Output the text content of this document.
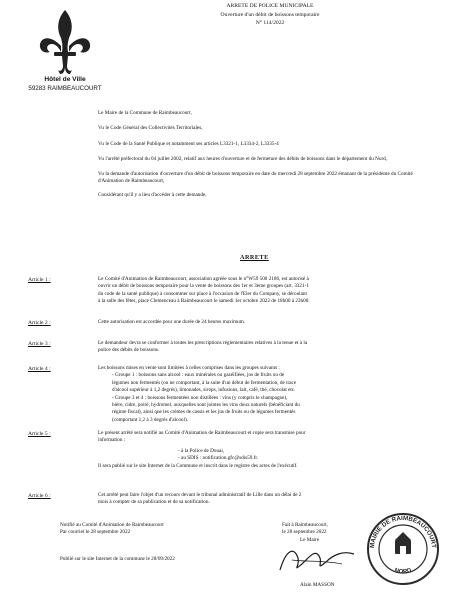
ARRETE DE POLICE MUNICIPALE
Ouverture d'un débit de boissons temporaire
N° 114/2022
Hôtel de Ville
59283 RAIMBEAUCOURT
Le Maire de la Commune de Raimbeaucourt,
Vu le Code Général des Collectivités Territoriales,
Vu le Code de la Santé Publique et notamment ses articles L3321-1, L3334-2, L3335-4
Vu l'arrêté préfectoral du 04 juillet 2002, relatif aux heures d'ouverture et de fermeture des débits de boissons dans le département du Nord,
Vu la demande d'autorisation d'ouverture d'un débit de boissons temporaire en date du mercredi 28 septembre 2022 émanant de la présidente du Comité d'Animation de Raimbeaucourt,
Considérant qu'il y a lieu d'accéder à cette demande,
ARRETE
Article 1 :	Le Comité d'Animation de Raimbeaucourt, association agréée sous le n°W59 500 2186, est autorisé à
ouvrir un débit de boissons temporaire pour la vente de boissons des 1er et 3ème groupes (art. 3321-1
du code de la santé publique) à consommer sur place à l'occasion de l'Eler du Company, se déroulant
à la salle des fêtes, place Clemenceau à Raimbeaucourt le samedi 1er octobre 2022 de 18h00 à 23h00.
Article 2 :	Cette autorisation est accordée pour une durée de 24 heures maximum.
Article 3 :	Le demandeur devra se conformer à toutes les prescriptions réglementaires relatives à la tenue et à la
police des débits de boissons.
Article 4 :	Les boissons mises en vente sont limitées à celles comprises dans les groupes suivants :
- Groupe 1 : boissons sans alcool : eaux minérales ou gazéifiées, jus de fruits ou de
légumes non fermentés (ou ne comportant, à la suite d'un début de fermentation, de trace
d'alcool supérieur à 1,2 degrés), limonades, sirops, infusions, lait, café, thé, chocolat etc.
- Groupe 3 et 4 : boissons fermentées non distillées : vins (y compris le champagne),
bière, cidre, poiré, hydromel, auxquelles sont jointes les vins doux naturels (bénéficiant du
régime fiscal), ainsi que les crèmes de cassis et les jus de fruits ou de légumes fermentés
(comportant 1,2 à 3 degrés d'alcool).
Article 5 :	Le présent arrêté sera notifié au Comité d'Animation de Raimbeaucourt et copie sera transmise pour
information :
- à la Police de Douai,
- au SDIS : notification.gfc@sdis59.fr.
Il sera publié sur le site Internet de la Commune et inscrit dans le registre des actes de l'exécutif.
Article 6 :	Cet arrêté peut faire l'objet d'un recours devant le tribunal administratif de Lille dans un délai de 2
mois à compter de sa publication et de sa notification.
Notifié au Comité d'Animation de Raimbeaucourt
Par courriel le 28 septembre 2022
Publié sur le site Internet de la commune le 28/09/2022
Fait à Raimbeaucourt,
le 28 septembre 2022
Le Maire
Alain MASSON
MAIRIE DE RAIMBEAUCOURT
NORD
